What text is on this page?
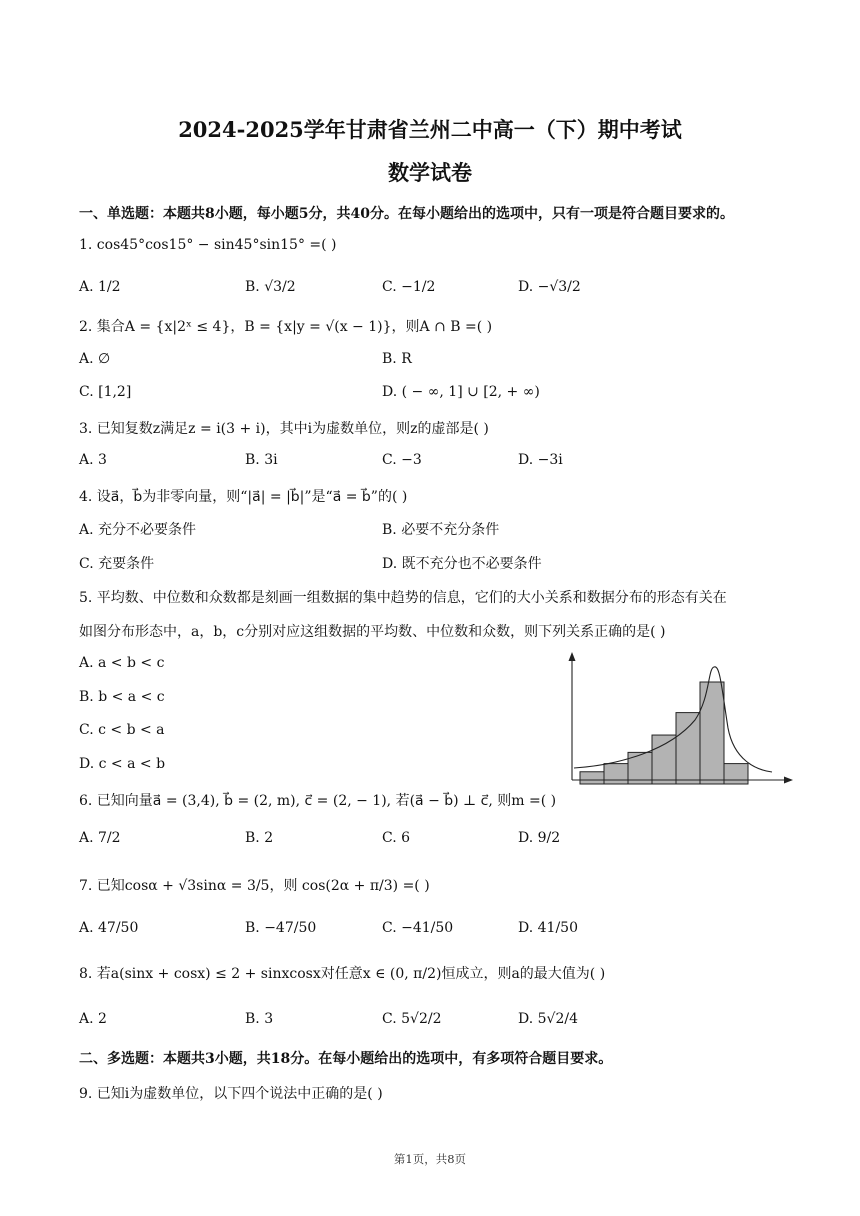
2024-2025学年甘肃省兰州二中高一（下）期中考试
数学试卷
一、单选题：本题共8小题，每小题5分，共40分。在每小题给出的选项中，只有一项是符合题目要求的。
1. cos45°cos15° − sin45°sin15° =( )
A. 1/2	B. √3/2	C. −1/2	D. −√3/2
2. 集合A = {x|2ˣ ≤ 4}，B = {x|y = √(x − 1)}，则A ∩ B =( )
A. ∅	B. R
C. [1,2]	D. ( − ∞, 1] ∪ [2, + ∞)
3. 已知复数z满足z = i(3 + i)，其中i为虚数单位，则z的虚部是( )
A. 3	B. 3i	C. −3	D. −3i
4. 设a⃗，b⃗为非零向量，则“|a⃗| = |b⃗|”是“a⃗ = b⃗”的( )
A. 充分不必要条件	B. 必要不充分条件
C. 充要条件	D. 既不充分也不必要条件
5. 平均数、中位数和众数都是刻画一组数据的集中趋势的信息，它们的大小关系和数据分布的形态有关在
如图分布形态中，a，b，c分别对应这组数据的平均数、中位数和众数，则下列关系正确的是( )
A. a < b < c
B. b < a < c
C. c < b < a
D. c < a < b
6. 已知向量a⃗ = (3,4), b⃗ = (2, m), c⃗ = (2, − 1), 若(a⃗ − b⃗) ⊥ c⃗, 则m =( )
A. 7/2	B. 2	C. 6	D. 9/2
7. 已知cosα + √3sinα = 3/5，则 cos(2α + π/3) =( )
A. 47/50	B. −47/50	C. −41/50	D. 41/50
8. 若a(sinx + cosx) ≤ 2 + sinxcosx对任意x ∈ (0, π/2)恒成立，则a的最大值为( )
A. 2	B. 3	C. 5√2/2	D. 5√2/4
二、多选题：本题共3小题，共18分。在每小题给出的选项中，有多项符合题目要求。
9. 已知i为虚数单位，以下四个说法中正确的是( )
第1页，共8页
